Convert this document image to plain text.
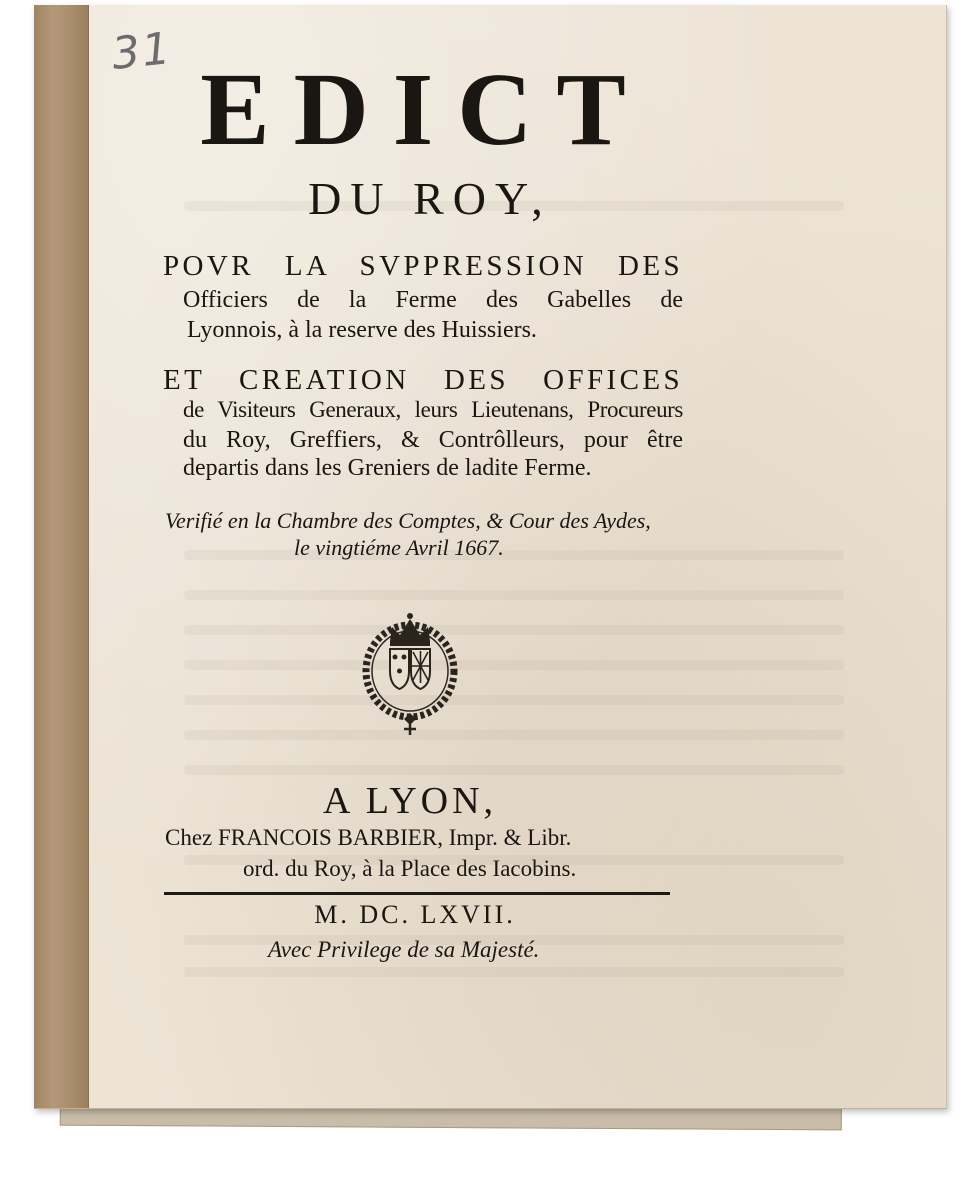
31
EDICT
DU ROY,
POVR LA SVPPRESSION DES
Officiers de la Ferme des Gabelles de
Lyonnois, à la reserve des Huissiers.
ET CREATION DES OFFICES
de Visiteurs Generaux, leurs Lieutenans, Procureurs
du Roy, Greffiers, & Contrôlleurs, pour être
departis dans les Greniers de ladite Ferme.
Verifié en la Chambre des Comptes, & Cour des Aydes,
le vingtiéme Avril 1667.
A LYON,
Chez FRANCOIS BARBIER, Impr. & Libr.
ord. du Roy, à la Place des Iacobins.
M. DC. LXVII.
Avec Privilege de sa Majesté.
